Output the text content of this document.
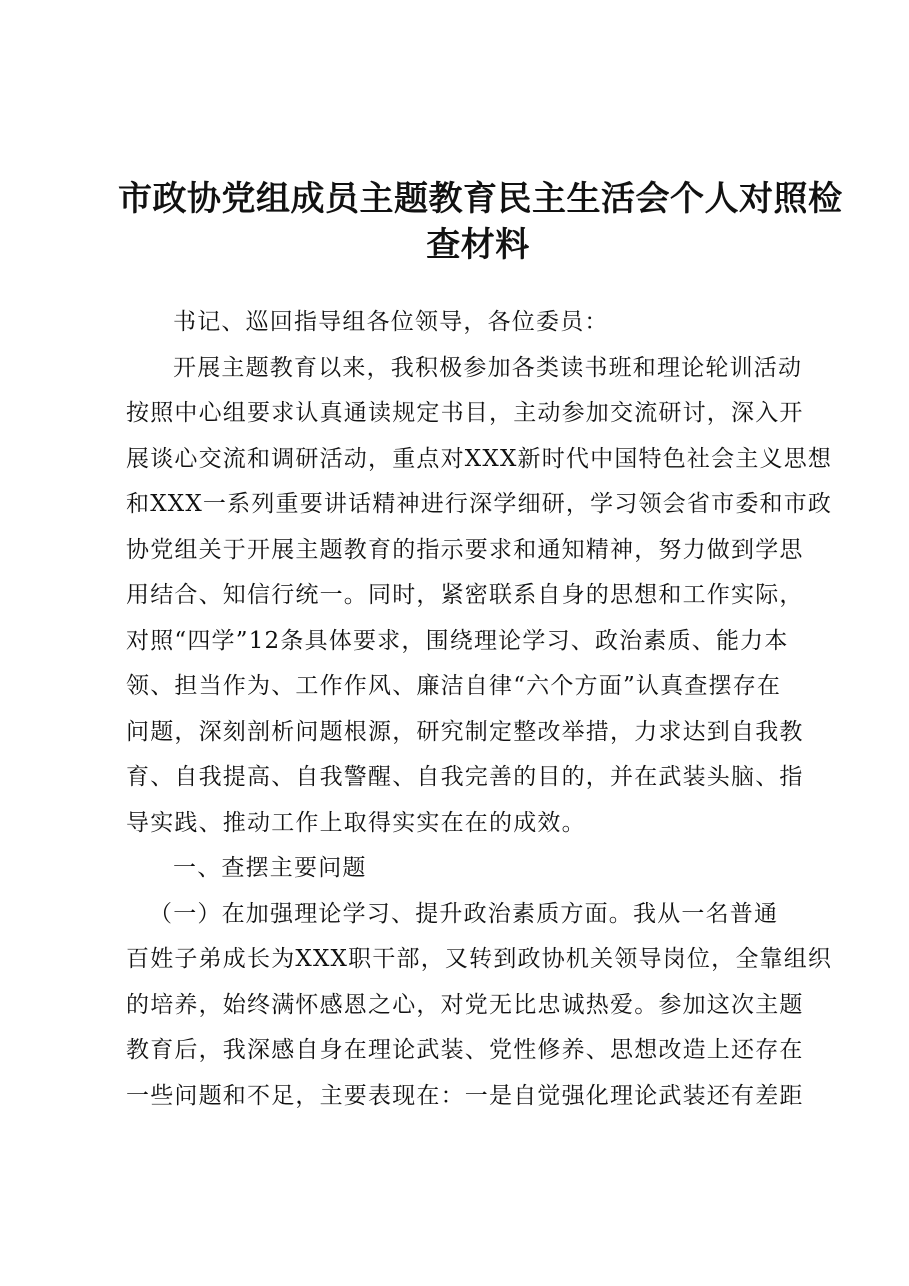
市政协党组成员主题教育民主生活会个人对照检
查材料
书记、巡回指导组各位领导，各位委员：
开展主题教育以来，我积极参加各类读书班和理论轮训活动
按照中心组要求认真通读规定书目，主动参加交流研讨，深入开
展谈心交流和调研活动，重点对XXX新时代中国特色社会主义思想
和XXX一系列重要讲话精神进行深学细研，学习领会省市委和市政
协党组关于开展主题教育的指示要求和通知精神，努力做到学思
用结合、知信行统一。同时，紧密联系自身的思想和工作实际，
对照“四学”12条具体要求，围绕理论学习、政治素质、能力本
领、担当作为、工作作风、廉洁自律“六个方面”认真查摆存在
问题，深刻剖析问题根源，研究制定整改举措，力求达到自我教
育、自我提高、自我警醒、自我完善的目的，并在武装头脑、指
导实践、推动工作上取得实实在在的成效。
一、查摆主要问题
（一）在加强理论学习、提升政治素质方面。我从一名普通
百姓子弟成长为XXX职干部，又转到政协机关领导岗位，全靠组织
的培养，始终满怀感恩之心，对党无比忠诚热爱。参加这次主题
教育后，我深感自身在理论武装、党性修养、思想改造上还存在
一些问题和不足，主要表现在：一是自觉强化理论武装还有差距
